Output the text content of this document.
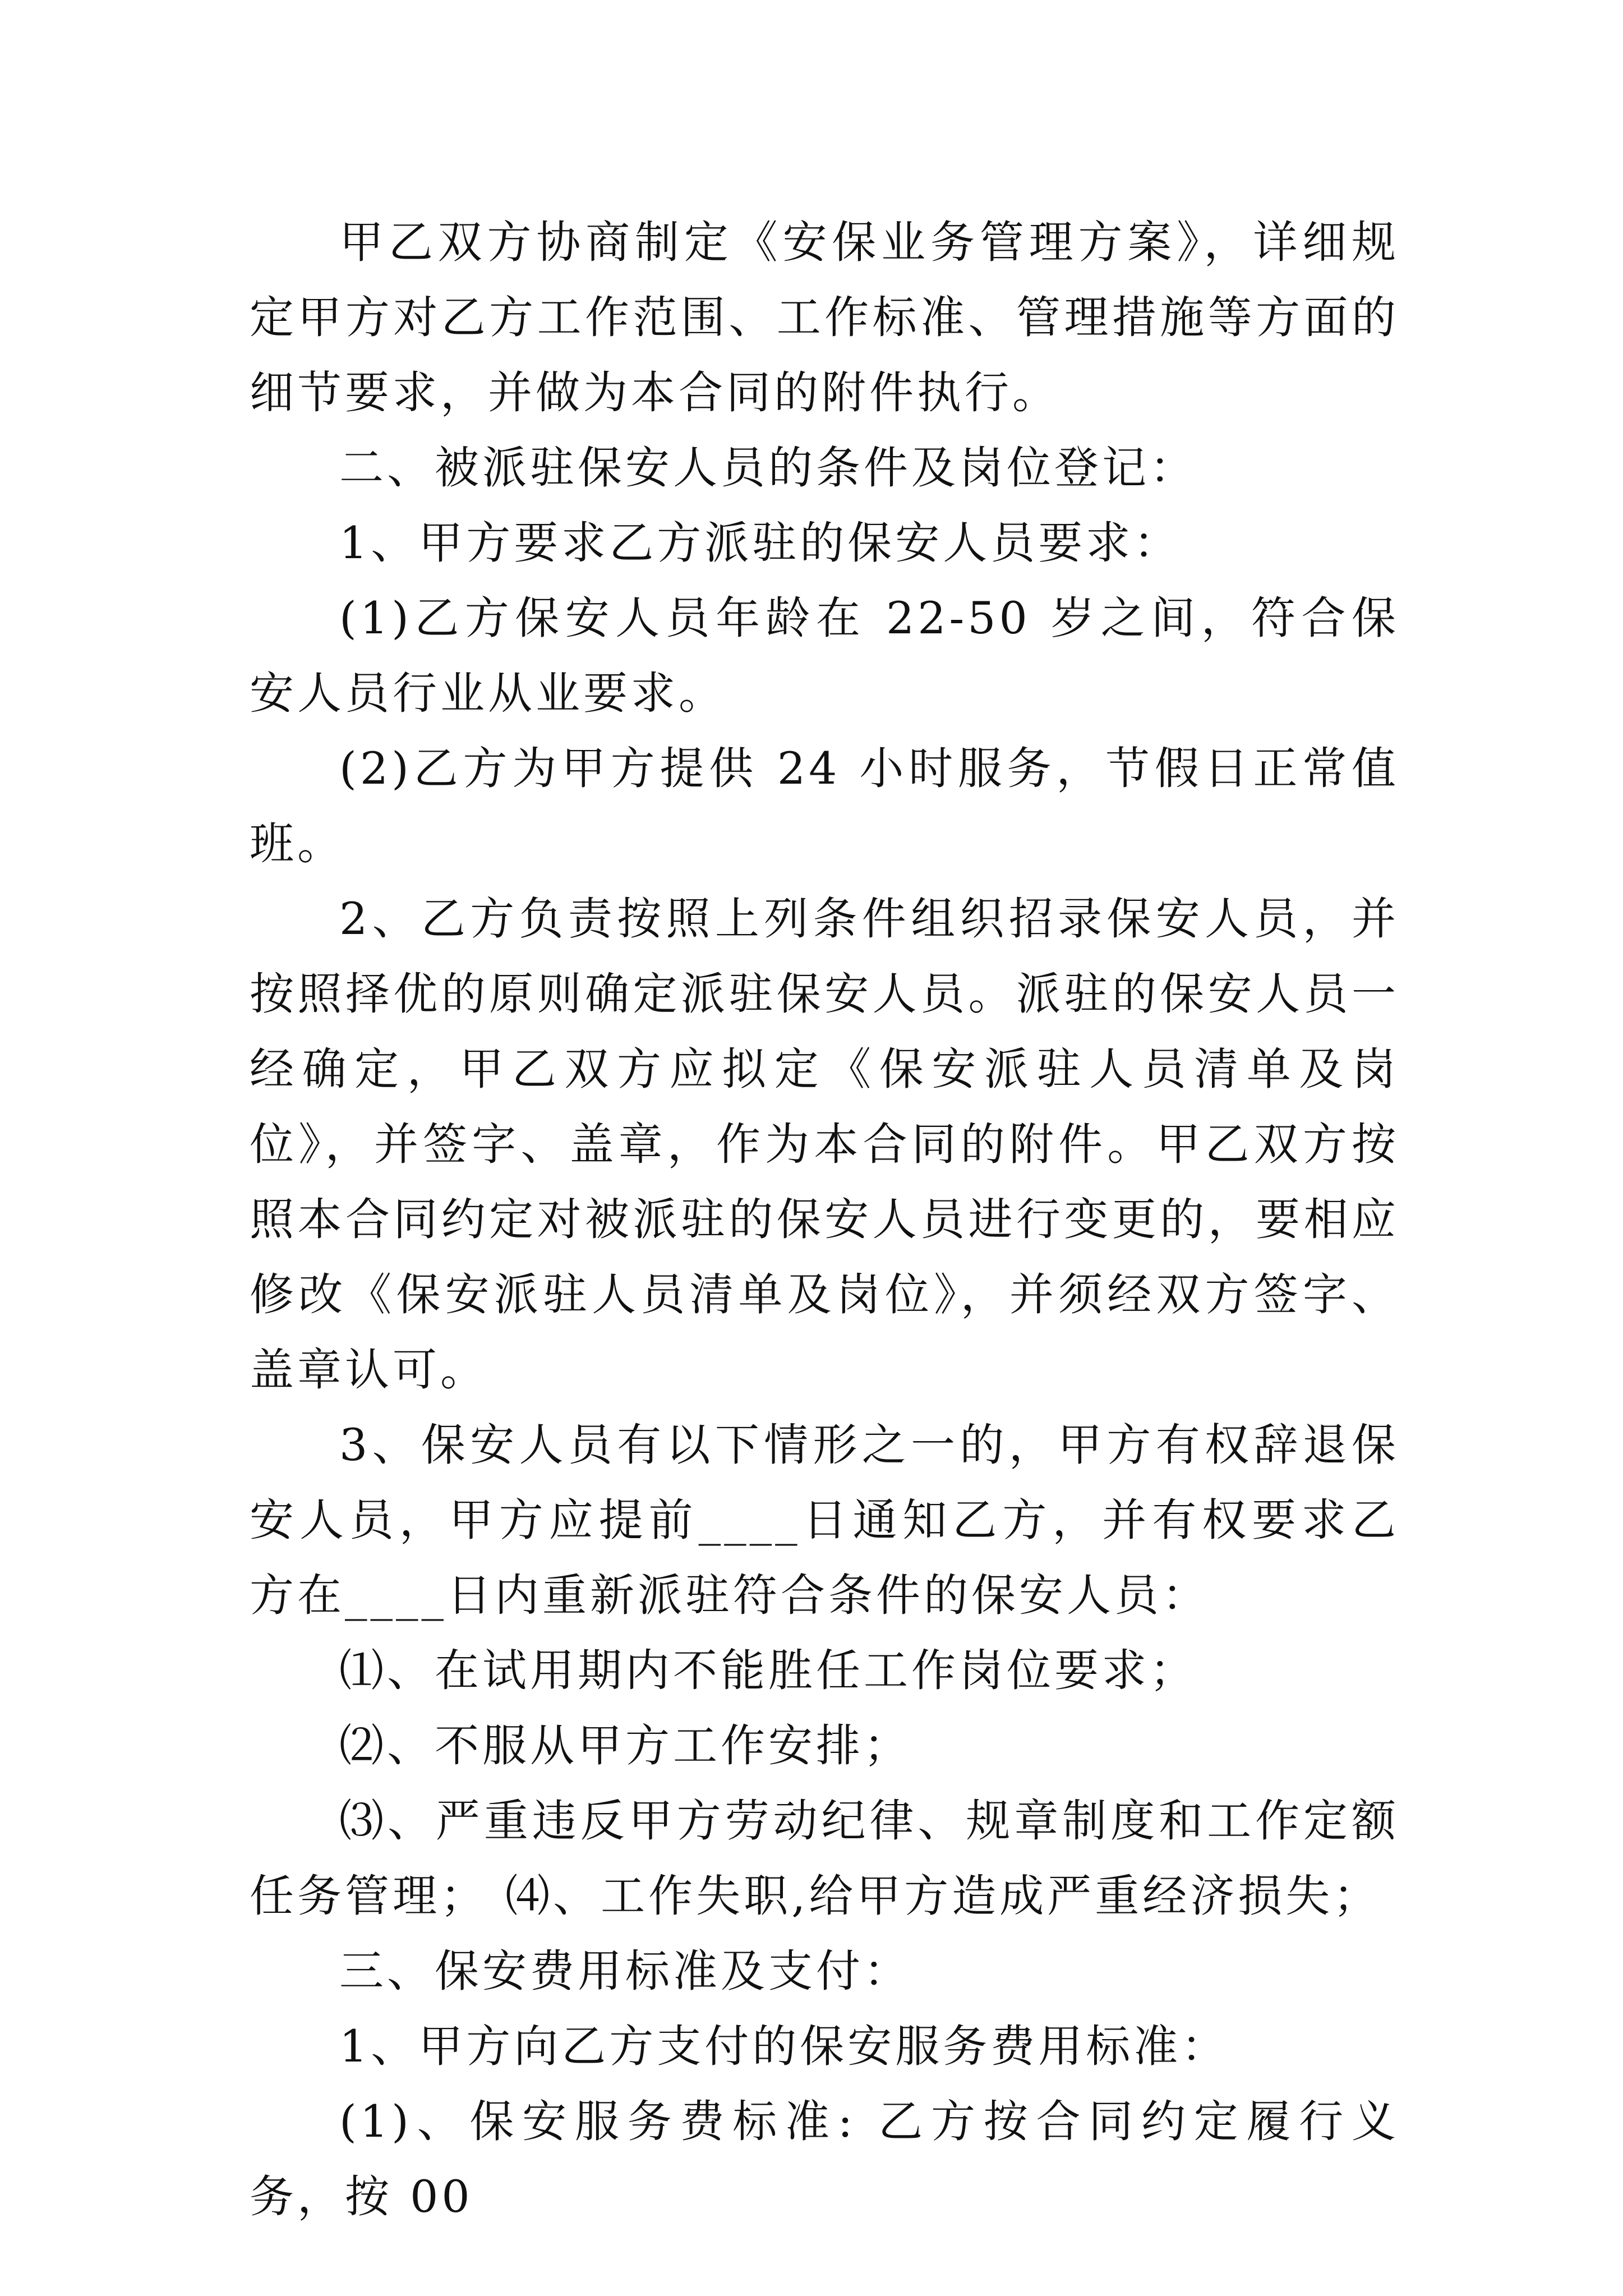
甲乙双方协商制定《安保业务管理方案》，详细规定甲方对乙方工作范围、工作标准、管理措施等方面的细节要求，并做为本合同的附件执行。

二、被派驻保安人员的条件及岗位登记：

1、甲方要求乙方派驻的保安人员要求：

(1)乙方保安人员年龄在 22-50 岁之间，符合保安人员行业从业要求。

(2)乙方为甲方提供 24 小时服务，节假日正常值班。

2、乙方负责按照上列条件组织招录保安人员，并按照择优的原则确定派驻保安人员。派驻的保安人员一经确定，甲乙双方应拟定《保安派驻人员清单及岗位》，并签字、盖章，作为本合同的附件。甲乙双方按照本合同约定对被派驻的保安人员进行变更的，要相应修改《保安派驻人员清单及岗位》，并须经双方签字、盖章认可。

3、保安人员有以下情形之一的，甲方有权辞退保安人员，甲方应提前____日通知乙方，并有权要求乙方在____日内重新派驻符合条件的保安人员：

⑴、在试用期内不能胜任工作岗位要求；

⑵、不服从甲方工作安排；

⑶、严重违反甲方劳动纪律、规章制度和工作定额任务管理； ⑷、工作失职,给甲方造成严重经济损失；

三、保安费用标准及支付：

1、甲方向乙方支付的保安服务费用标准：

(1)、保安服务费标准: 乙方按合同约定履行义务，按 00
